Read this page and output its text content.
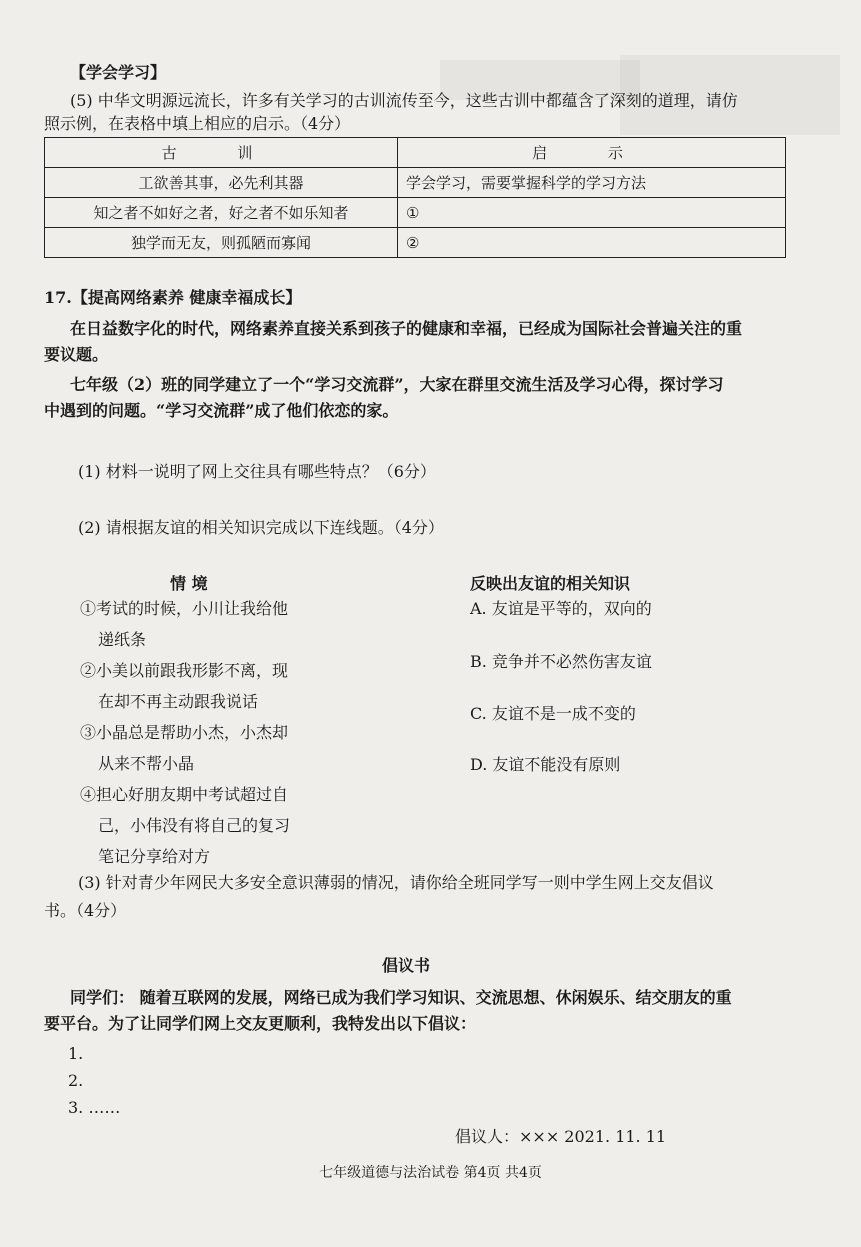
【学会学习】
(5) 中华文明源远流长，许多有关学习的古训流传至今，这些古训中都蕴含了深刻的道理，请仿
照示例，在表格中填上相应的启示。（4分）
古 训	启 示
工欲善其事，必先利其器	学会学习，需要掌握科学的学习方法
知之者不如好之者，好之者不如乐知者	①
独学而无友，则孤陋而寡闻	②
17.【提高网络素养 健康幸福成长】
在日益数字化的时代，网络素养直接关系到孩子的健康和幸福，已经成为国际社会普遍关注的重
要议题。
七年级（2）班的同学建立了一个“学习交流群”，大家在群里交流生活及学习心得，探讨学习
中遇到的问题。“学习交流群”成了他们依恋的家。
(1) 材料一说明了网上交往具有哪些特点？（6分）
(2) 请根据友谊的相关知识完成以下连线题。（4分）
情 境	反映出友谊的相关知识
①考试的时候，小川让我给他
递纸条
②小美以前跟我形影不离，现
在却不再主动跟我说话
③小晶总是帮助小杰，小杰却
从来不帮小晶
④担心好朋友期中考试超过自
己，小伟没有将自己的复习
笔记分享给对方
A. 友谊是平等的，双向的
B. 竞争并不必然伤害友谊
C. 友谊不是一成不变的
D. 友谊不能没有原则
(3) 针对青少年网民大多安全意识薄弱的情况，请你给全班同学写一则中学生网上交友倡议
书。（4分）
倡议书
同学们： 随着互联网的发展，网络已成为我们学习知识、交流思想、休闲娱乐、结交朋友的重
要平台。为了让同学们网上交友更顺利，我特发出以下倡议：
1.
2.
3. ……
倡议人：××× 2021. 11. 11
七年级道德与法治试卷 第4页 共4页
